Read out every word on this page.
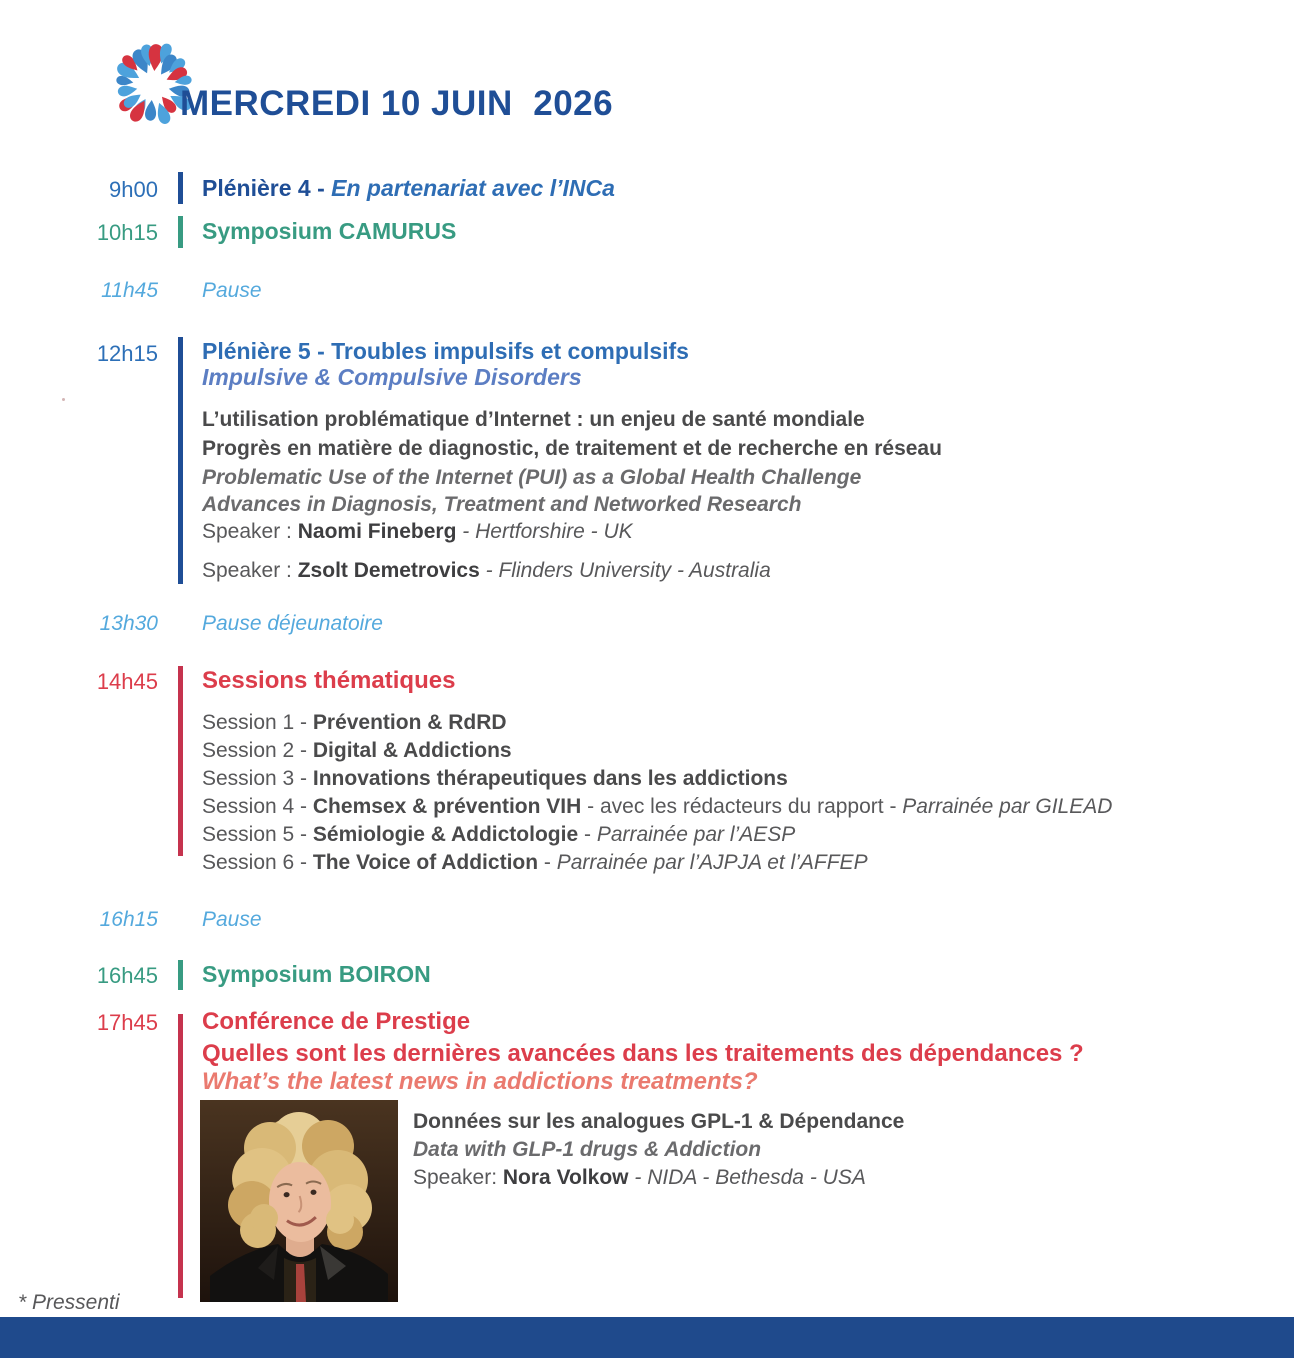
MERCREDI 10 JUIN  2026
9h00 Plénière 4 - En partenariat avec l’INCa
10h15 Symposium CAMURUS
11h45 Pause
12h15 Plénière 5 - Troubles impulsifs et compulsifs
Impulsive & Compulsive Disorders
L’utilisation problématique d’Internet : un enjeu de santé mondiale
Progrès en matière de diagnostic, de traitement et de recherche en réseau
Problematic Use of the Internet (PUI) as a Global Health Challenge
Advances in Diagnosis, Treatment and Networked Research
Speaker : Naomi Fineberg - Hertforshire - UK
Speaker : Zsolt Demetrovics - Flinders University - Australia
13h30 Pause déjeunatoire
14h45 Sessions thématiques
Session 1 - Prévention & RdRD
Session 2 - Digital & Addictions
Session 3 - Innovations thérapeutiques dans les addictions
Session 4 - Chemsex & prévention VIH - avec les rédacteurs du rapport - Parrainée par GILEAD
Session 5 - Sémiologie & Addictologie - Parrainée par l’AESP
Session 6 - The Voice of Addiction - Parrainée par l’AJPJA et l’AFFEP
16h15 Pause
16h45 Symposium BOIRON
17h45 Conférence de Prestige
Quelles sont les dernières avancées dans les traitements des dépendances ?
What’s the latest news in addictions treatments?
Données sur les analogues GPL-1 & Dépendance
Data with GLP-1 drugs & Addiction
Speaker: Nora Volkow - NIDA - Bethesda - USA
* Pressenti
